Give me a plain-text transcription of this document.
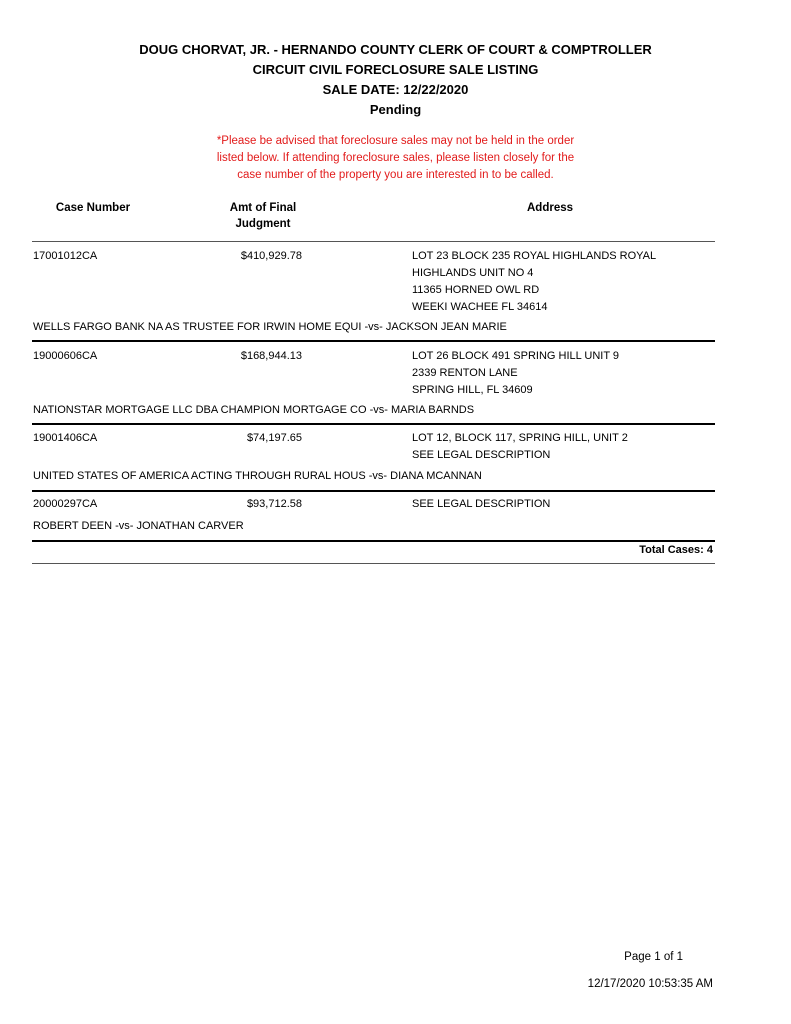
DOUG CHORVAT, JR. - HERNANDO COUNTY CLERK OF COURT & COMPTROLLER
CIRCUIT CIVIL FORECLOSURE SALE LISTING
SALE DATE: 12/22/2020
Pending
*Please be advised that foreclosure sales may not be held in the order
listed below. If attending foreclosure sales, please listen closely for the
case number of the property you are interested in to be called.
Case Number	Amt of Final
Judgment
Address
17001012CA	$410,929.78	LOT 23 BLOCK 235 ROYAL HIGHLANDS ROYAL
HIGHLANDS UNIT NO 4
11365 HORNED OWL RD
WEEKI WACHEE FL 34614
WELLS FARGO BANK NA AS TRUSTEE FOR IRWIN HOME EQUI -vs- JACKSON JEAN MARIE
19000606CA	$168,944.13	LOT 26 BLOCK 491 SPRING HILL UNIT 9
2339 RENTON LANE
SPRING HILL, FL 34609
NATIONSTAR MORTGAGE LLC DBA CHAMPION MORTGAGE CO -vs- MARIA BARNDS
19001406CA	$74,197.65	LOT 12, BLOCK 117, SPRING HILL, UNIT 2
SEE LEGAL DESCRIPTION
UNITED STATES OF AMERICA ACTING THROUGH RURAL HOUS -vs- DIANA MCANNAN
20000297CA	$93,712.58	SEE LEGAL DESCRIPTION
ROBERT DEEN -vs- JONATHAN CARVER
Total Cases: 4
Page 1 of 1
12/17/2020 10:53:35 AM
